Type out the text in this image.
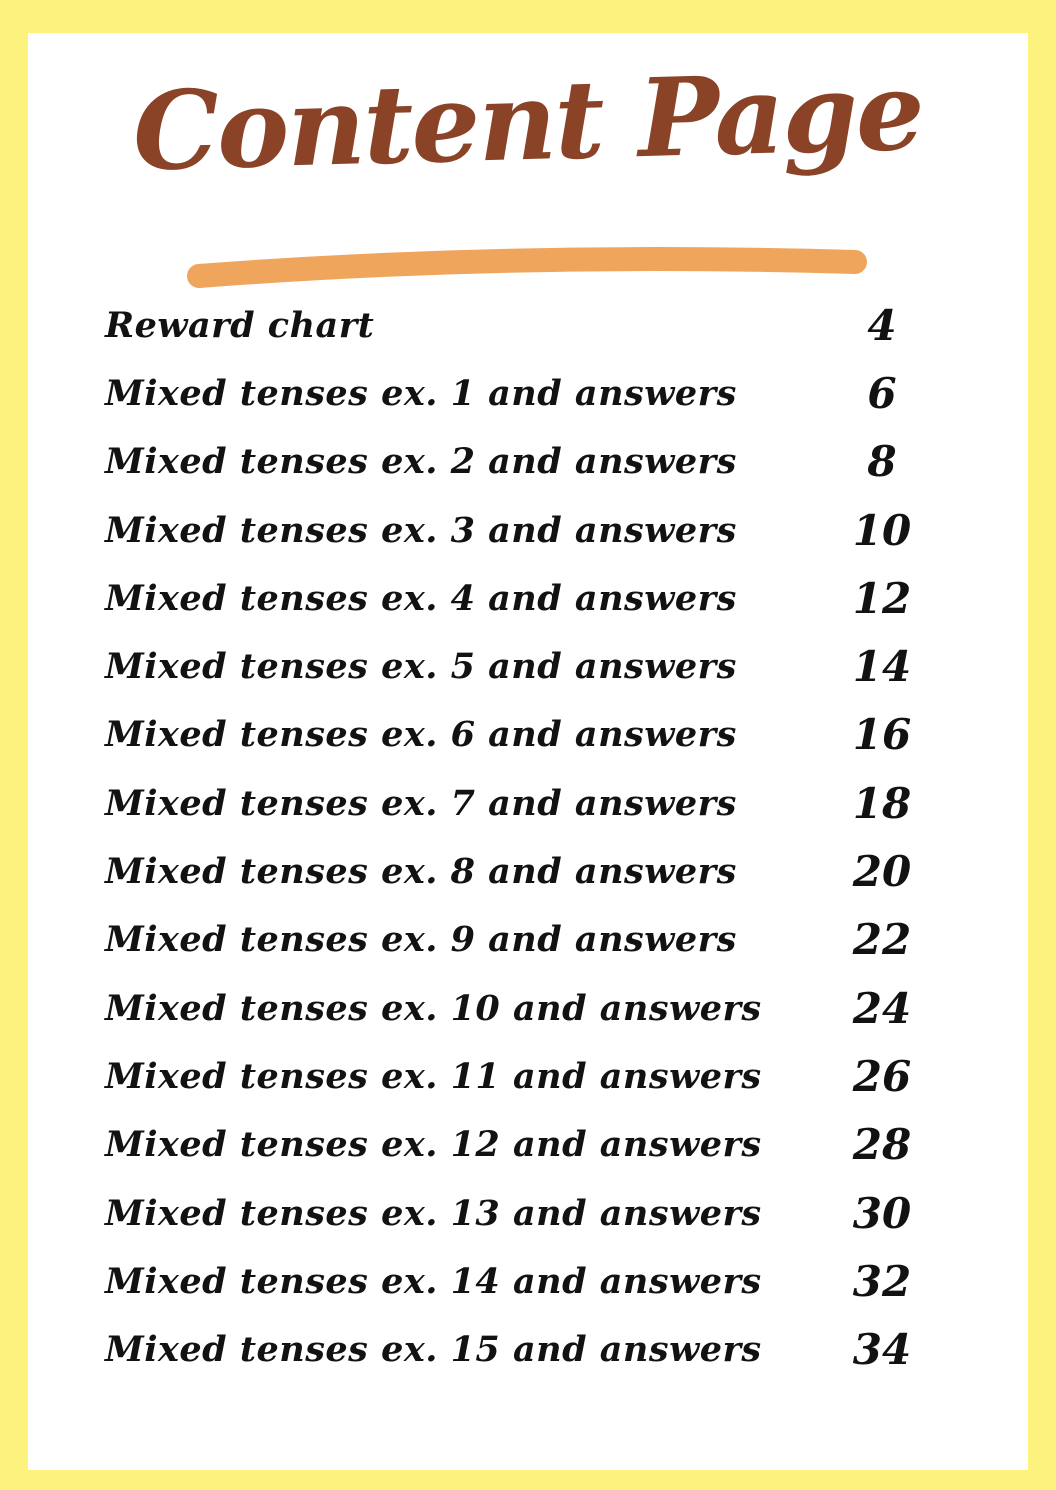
Content Page
Reward chart	4
Mixed tenses ex. 1 and answers	6
Mixed tenses ex. 2 and answers	8
Mixed tenses ex. 3 and answers	10
Mixed tenses ex. 4 and answers	12
Mixed tenses ex. 5 and answers	14
Mixed tenses ex. 6 and answers	16
Mixed tenses ex. 7 and answers	18
Mixed tenses ex. 8 and answers	20
Mixed tenses ex. 9 and answers	22
Mixed tenses ex. 10 and answers	24
Mixed tenses ex. 11 and answers	26
Mixed tenses ex. 12 and answers	28
Mixed tenses ex. 13 and answers	30
Mixed tenses ex. 14 and answers	32
Mixed tenses ex. 15 and answers	34
